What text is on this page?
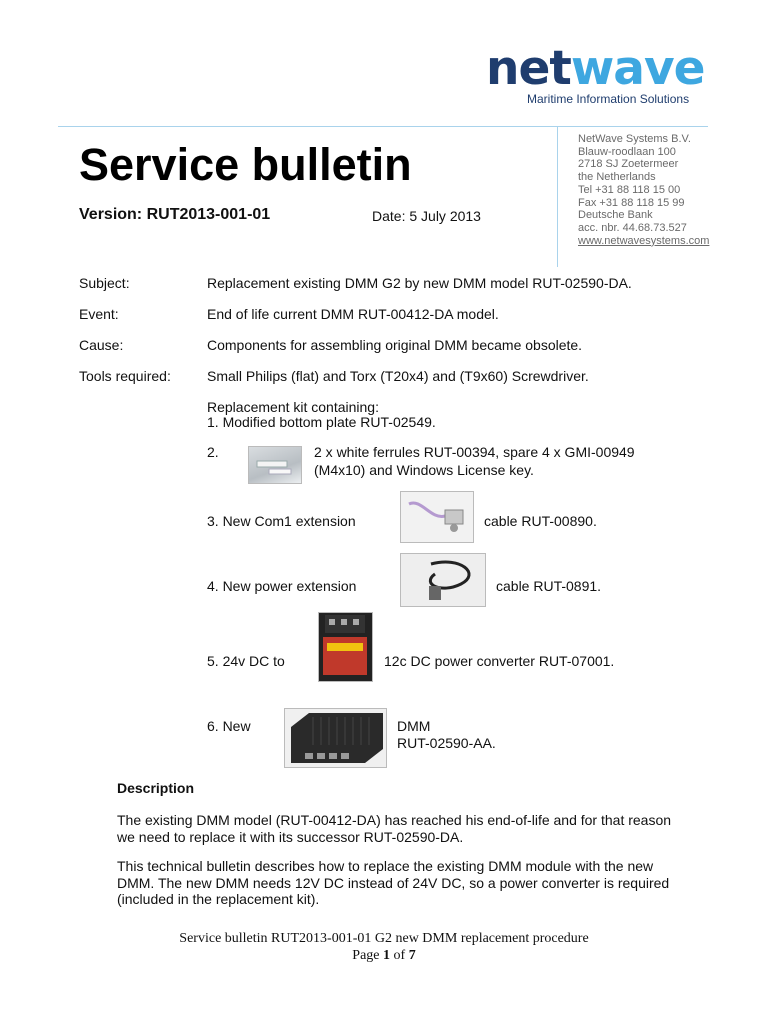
netwave
Maritime Information Solutions
NetWave Systems B.V.
Blauw-roodlaan 100
2718 SJ Zoetermeer
the Netherlands
Tel +31 88 118 15 00
Fax +31 88 118 15 99
Deutsche Bank
acc. nbr. 44.68.73.527
www.netwavesystems.com
Service bulletin
Version: RUT2013-001-01	Date: 5 July 2013
Subject:	Replacement existing DMM G2 by new DMM model RUT-02590-DA.
Event:	End of life current DMM RUT-00412-DA model.
Cause:	Components for assembling original DMM became obsolete.
Tools required:	Small Philips (flat) and Torx (T20x4) and (T9x60) Screwdriver.
Replacement kit containing:
1. Modified bottom plate RUT-02549.
2.	2 x white ferrules RUT-00394, spare 4 x GMI-00949
(M4x10) and Windows License key.
3. New Com1 extension	cable RUT-00890.
4. New power extension	cable RUT-0891.
5. 24v DC to	12c DC power converter RUT-07001.
6. New	DMM
RUT-02590-AA.
Description
The existing DMM model (RUT-00412-DA) has reached his end-of-life and for that reason we need to replace it with its successor RUT-02590-DA.
This technical bulletin describes how to replace the existing DMM module with the new DMM. The new DMM needs 12V DC instead of 24V DC, so a power converter is required (included in the replacement kit).
Service bulletin RUT2013-001-01 G2 new DMM replacement procedure
Page 1 of 7
